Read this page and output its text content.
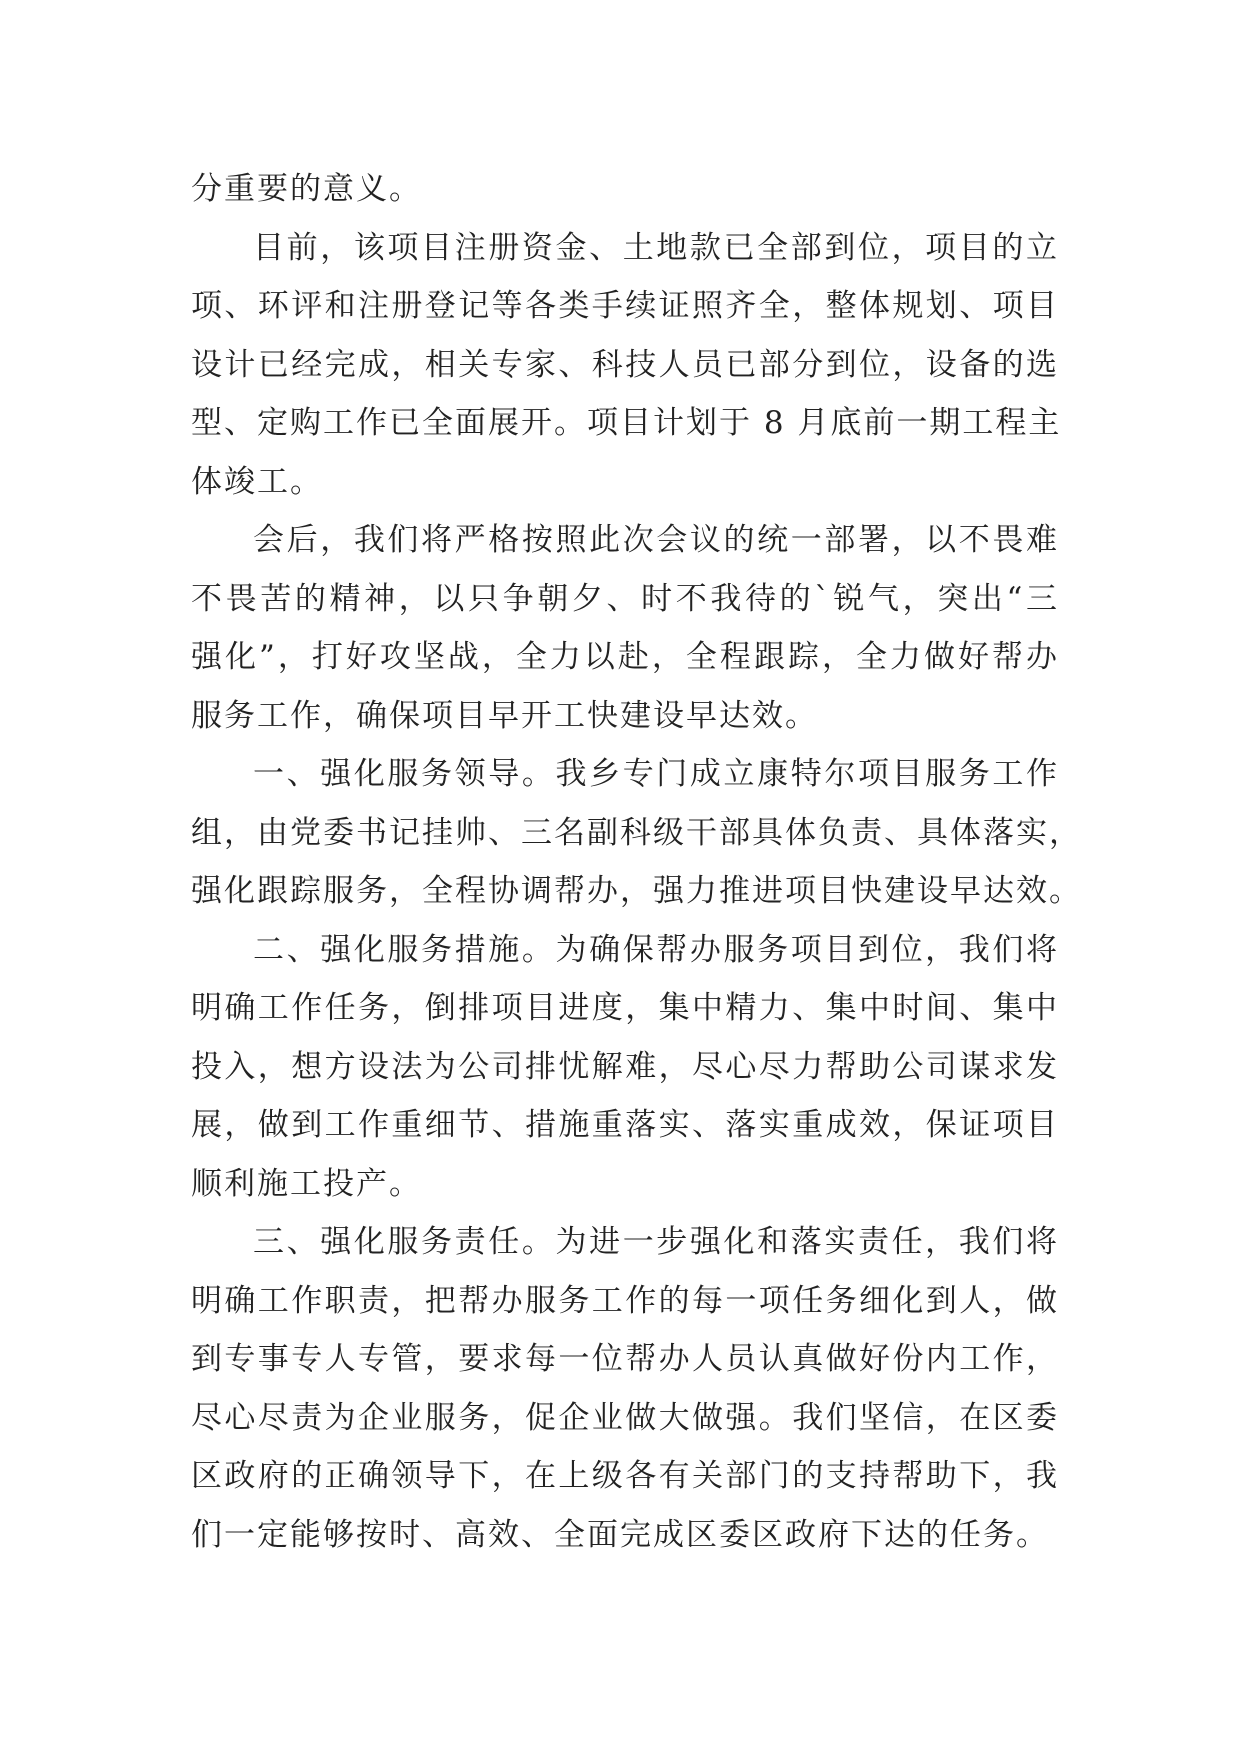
分重要的意义。
目前，该项目注册资金、土地款已全部到位，项目的立
项、环评和注册登记等各类手续证照齐全，整体规划、项目
设计已经完成，相关专家、科技人员已部分到位，设备的选
型、定购工作已全面展开。项目计划于 8 月底前一期工程主
体竣工。
会后，我们将严格按照此次会议的统一部署，以不畏难
不畏苦的精神，以只争朝夕、时不我待的`锐气，突出“三
强化”，打好攻坚战，全力以赴，全程跟踪，全力做好帮办
服务工作，确保项目早开工快建设早达效。
一、强化服务领导。我乡专门成立康特尔项目服务工作
组，由党委书记挂帅、三名副科级干部具体负责、具体落实，
强化跟踪服务，全程协调帮办，强力推进项目快建设早达效。
二、强化服务措施。为确保帮办服务项目到位，我们将
明确工作任务，倒排项目进度，集中精力、集中时间、集中
投入，想方设法为公司排忧解难，尽心尽力帮助公司谋求发
展，做到工作重细节、措施重落实、落实重成效，保证项目
顺利施工投产。
三、强化服务责任。为进一步强化和落实责任，我们将
明确工作职责，把帮办服务工作的每一项任务细化到人，做
到专事专人专管，要求每一位帮办人员认真做好份内工作，
尽心尽责为企业服务，促企业做大做强。我们坚信，在区委
区政府的正确领导下，在上级各有关部门的支持帮助下，我
们一定能够按时、高效、全面完成区委区政府下达的任务。
